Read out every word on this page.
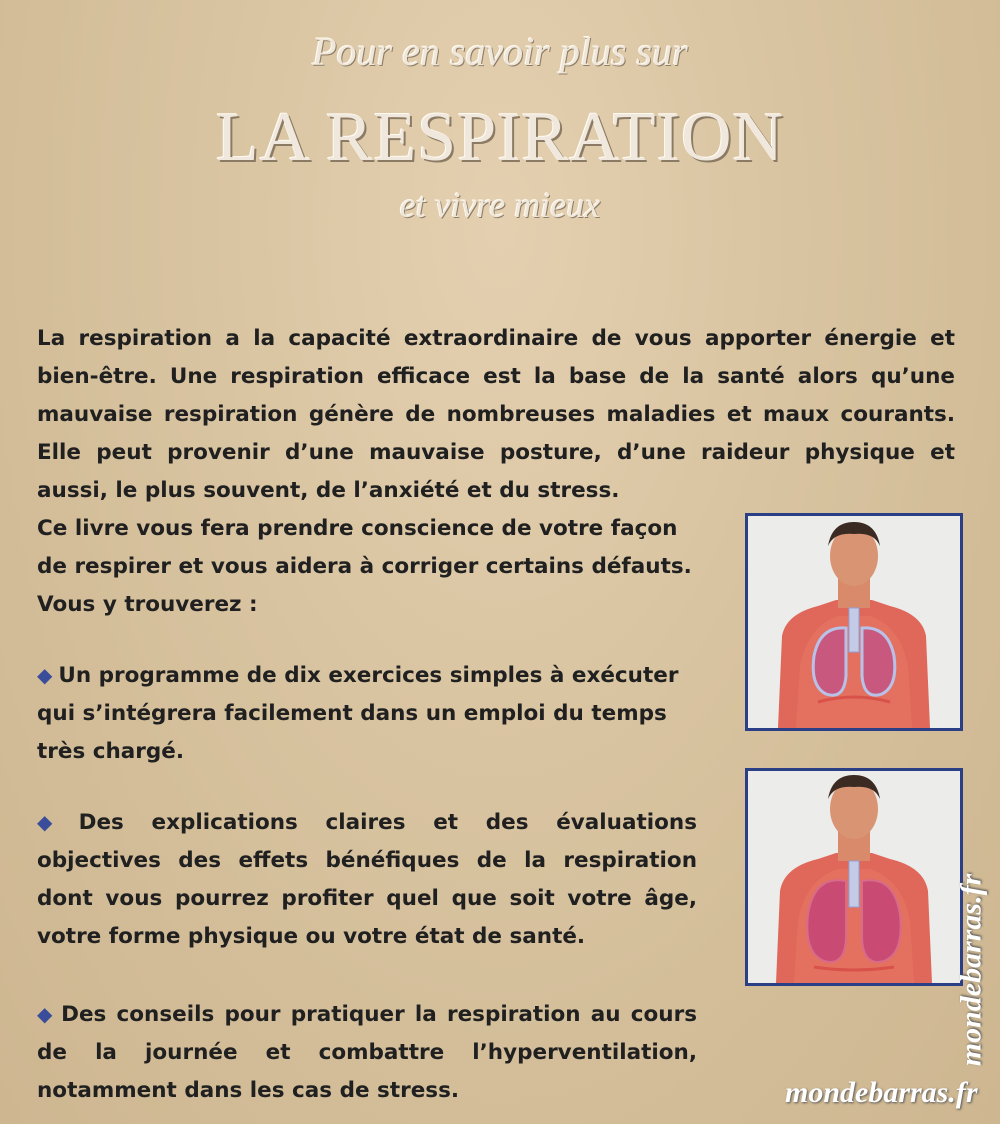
Pour en savoir plus sur
LA RESPIRATION
et vivre mieux

La respiration a la capacité extraordinaire de vous apporter énergie et bien-être. Une respiration efficace est la base de la santé alors qu’une mauvaise respiration génère de nombreuses maladies et maux courants. Elle peut provenir d’une mauvaise posture, d’une raideur physique et aussi, le plus souvent, de l’anxiété et du stress.

Ce livre vous fera prendre conscience de votre façon de respirer et vous aidera à corriger certains défauts. Vous y trouverez :

◆ Un programme de dix exercices simples à exécuter qui s’intégrera facilement dans un emploi du temps très chargé.

◆ Des explications claires et des évaluations objectives des effets bénéfiques de la respiration dont vous pourrez profiter quel que soit votre âge, votre forme physique ou votre état de santé.

◆ Des conseils pour pratiquer la respiration au cours de la journée et combattre l’hyperventilation, notamment dans les cas de stress.

mondebarras.fr
mondebarras.fr
